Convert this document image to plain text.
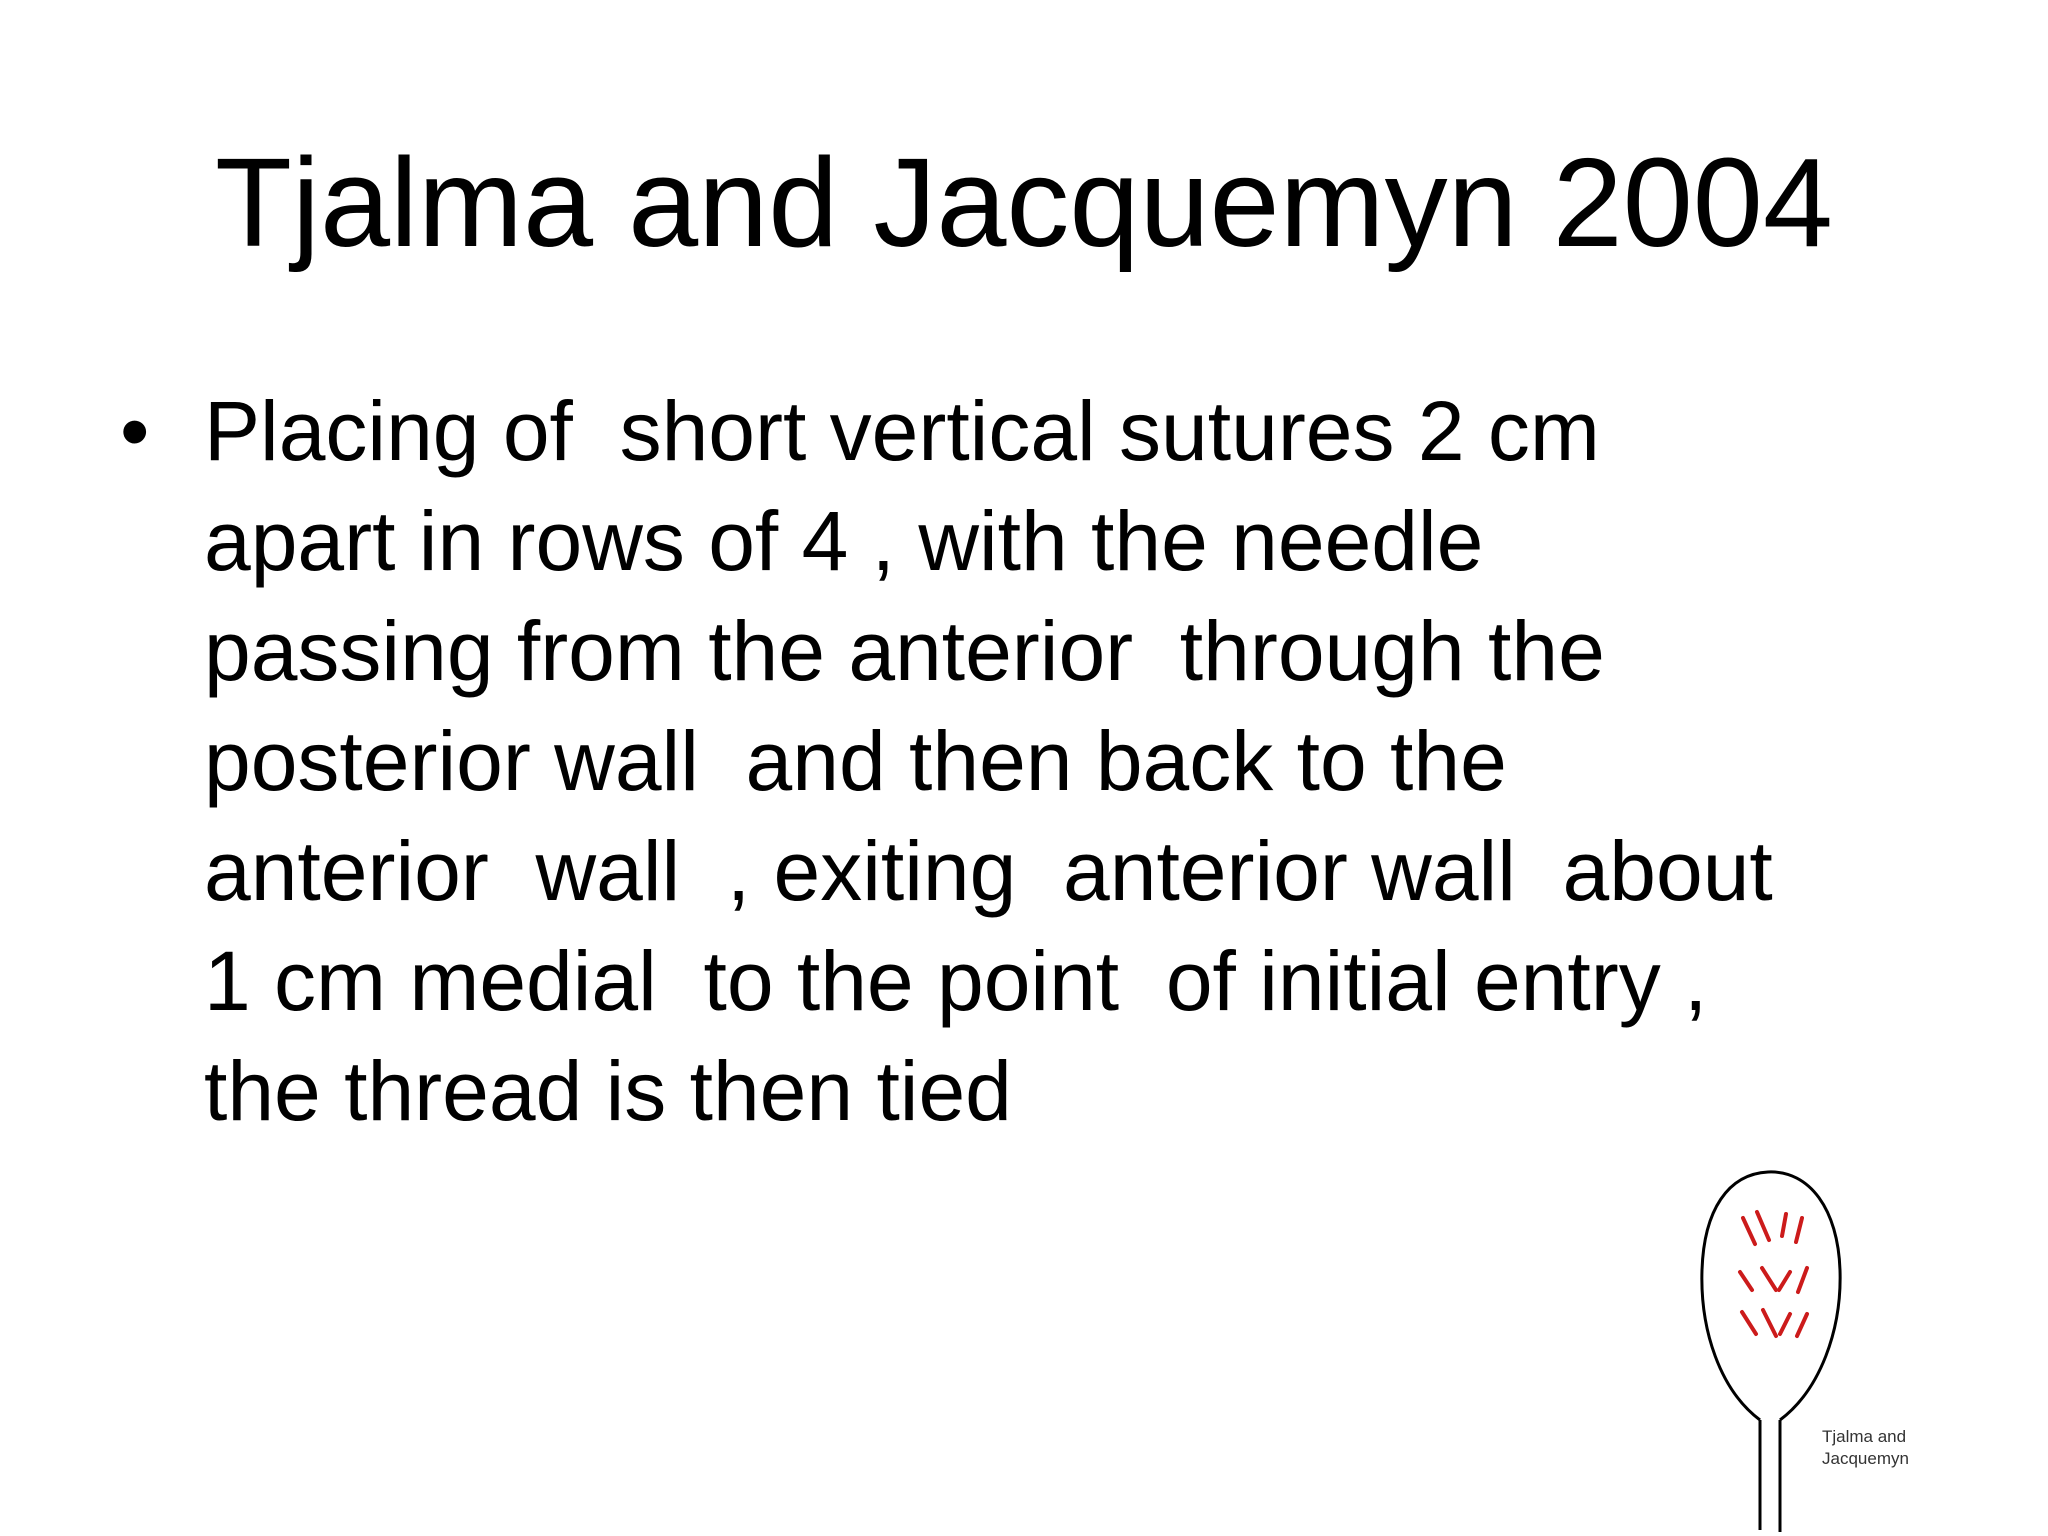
Tjalma and Jacquemyn 2004
• Placing of  short vertical sutures 2 cm
apart in rows of 4 , with the needle
passing from the anterior  through the
posterior wall  and then back to the
anterior  wall  , exiting  anterior wall  about
1 cm medial  to the point  of initial entry ,
the thread is then tied
Tjalma and
Jacquemyn
